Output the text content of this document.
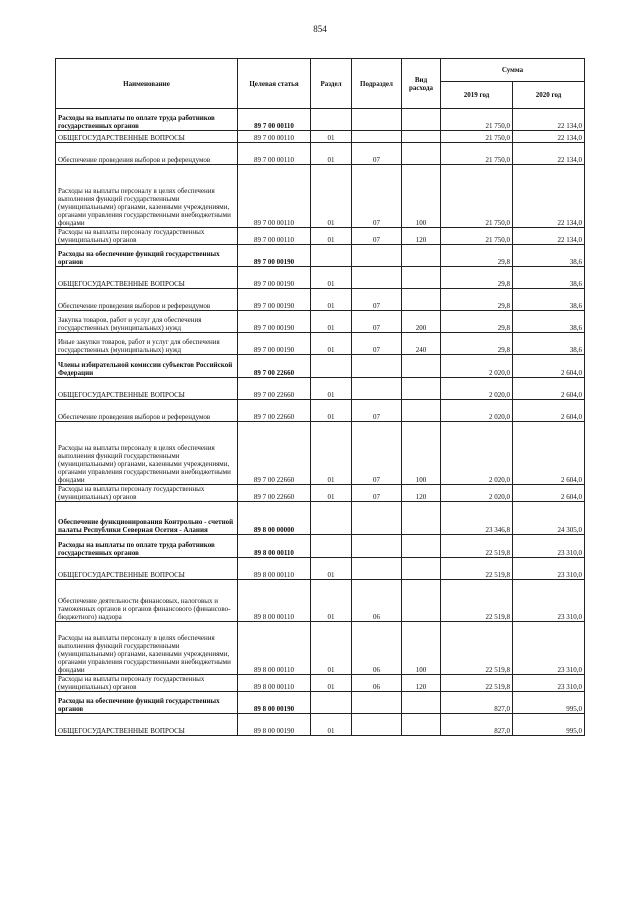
854
Наименование	Целевая статья	Раздел	Подраздел	Вид расхода	Сумма	
					2019 год	2020 год
Расходы на выплаты по оплате труда работников государственных органов	89 7 00 00110				21 750,0	22 134,0
ОБЩЕГОСУДАРСТВЕННЫЕ ВОПРОСЫ	89 7 00 00110	01			21 750,0	22 134,0
Обеспечение проведения выборов и референдумов	89 7 00 00110	01	07		21 750,0	22 134,0
Расходы на выплаты персоналу в целях обеспечения выполнения функций государственными (муниципальными) органами, казенными учреждениями, органами управления государственными внебюджетными фондами	89 7 00 00110	01	07	100	21 750,0	22 134,0
Расходы на выплаты персоналу государственных (муниципальных) органов	89 7 00 00110	01	07	120	21 750,0	22 134,0
Расходы на обеспечение функций государственных органов	89 7 00 00190				29,8	38,6
ОБЩЕГОСУДАРСТВЕННЫЕ ВОПРОСЫ	89 7 00 00190	01			29,8	38,6
Обеспечение проведения выборов и референдумов	89 7 00 00190	01	07		29,8	38,6
Закупка товаров, работ и услуг для обеспечения государственных (муниципальных) нужд	89 7 00 00190	01	07	200	29,8	38,6
Иные закупки товаров, работ и услуг для обеспечения государственных (муниципальных) нужд	89 7 00 00190	01	07	240	29,8	38,6
Члены избирательной комиссии субъектов Российской Федерации	89 7 00 22660				2 020,0	2 604,0
ОБЩЕГОСУДАРСТВЕННЫЕ ВОПРОСЫ	89 7 00 22660	01			2 020,0	2 604,0
Обеспечение проведения выборов и референдумов	89 7 00 22660	01	07		2 020,0	2 604,0
Расходы на выплаты персоналу в целях обеспечения выполнения функций государственными (муниципальными) органами, казенными учреждениями, органами управления государственными внебюджетными фондами	89 7 00 22660	01	07	100	2 020,0	2 604,0
Расходы на выплаты персоналу государственных (муниципальных) органов	89 7 00 22660	01	07	120	2 020,0	2 604,0
Обеспечение функционирования Контрольно - счетной палаты Республики Северная Осетия - Алания	89 8 00 00000				23 346,8	24 305,0
Расходы на выплаты по оплате труда работников государственных органов	89 8 00 00110				22 519,8	23 310,0
ОБЩЕГОСУДАРСТВЕННЫЕ ВОПРОСЫ	89 8 00 00110	01			22 519,8	23 310,0
Обеспечение деятельности финансовых, налоговых и таможенных органов и органов финансового (финансово-бюджетного) надзора	89 8 00 00110	01	06		22 519,8	23 310,0
Расходы на выплаты персоналу в целях обеспечения выполнения функций государственными (муниципальными) органами, казенными учреждениями, органами управления государственными внебюджетными фондами	89 8 00 00110	01	06	100	22 519,8	23 310,0
Расходы на выплаты персоналу государственных (муниципальных) органов	89 8 00 00110	01	06	120	22 519,8	23 310,0
Расходы на обеспечение функций государственных органов	89 8 00 00190				827,0	995,0
ОБЩЕГОСУДАРСТВЕННЫЕ ВОПРОСЫ	89 8 00 00190	01			827,0	995,0
